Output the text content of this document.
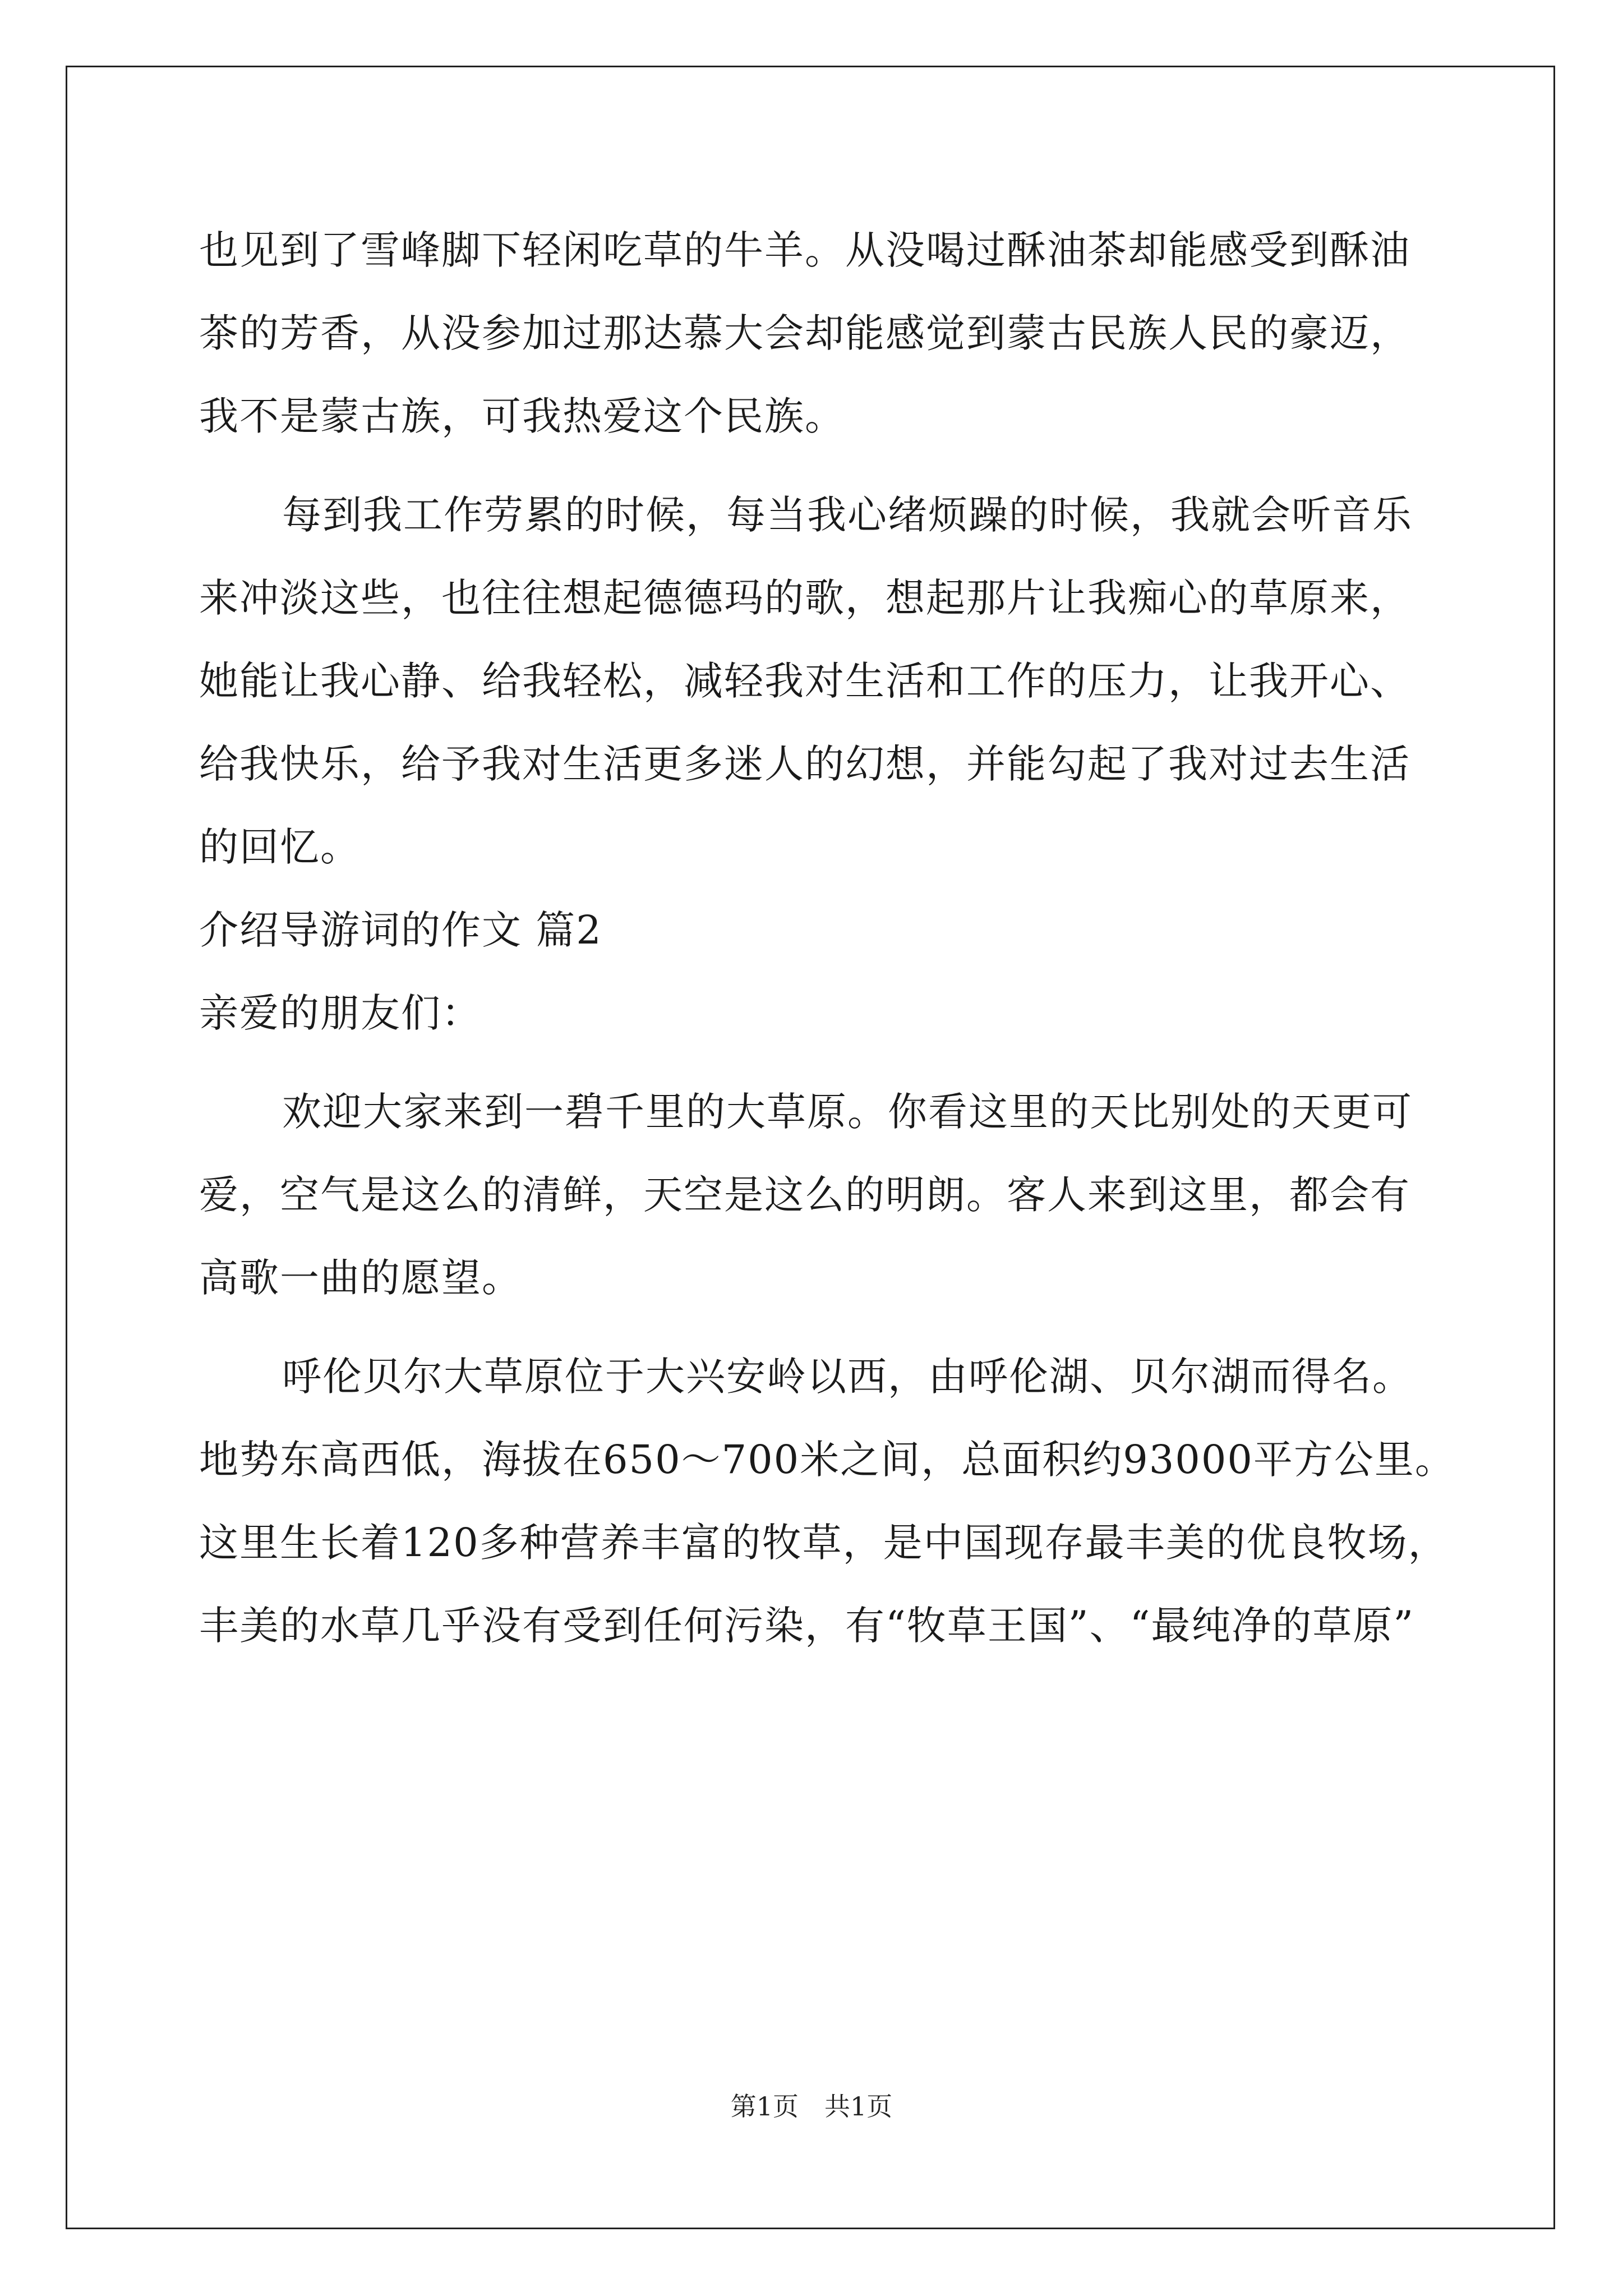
也见到了雪峰脚下轻闲吃草的牛羊。从没喝过酥油茶却能感受到酥油
茶的芳香，从没参加过那达慕大会却能感觉到蒙古民族人民的豪迈，
我不是蒙古族，可我热爱这个民族。
每到我工作劳累的时候，每当我心绪烦躁的时候，我就会听音乐
来冲淡这些，也往往想起德德玛的歌，想起那片让我痴心的草原来，
她能让我心静、给我轻松，减轻我对生活和工作的压力，让我开心、
给我快乐，给予我对生活更多迷人的幻想，并能勾起了我对过去生活
的回忆。
介绍导游词的作文 篇2
亲爱的朋友们：
欢迎大家来到一碧千里的大草原。你看这里的天比别处的天更可
爱，空气是这么的清鲜，天空是这么的明朗。客人来到这里，都会有
高歌一曲的愿望。
呼伦贝尔大草原位于大兴安岭以西，由呼伦湖、贝尔湖而得名。
地势东高西低，海拔在650～700米之间，总面积约93000平方公里。
这里生长着120多种营养丰富的牧草，是中国现存最丰美的优良牧场，
丰美的水草几乎没有受到任何污染，有“牧草王国”、“最纯净的草原”
第1页　共1页
